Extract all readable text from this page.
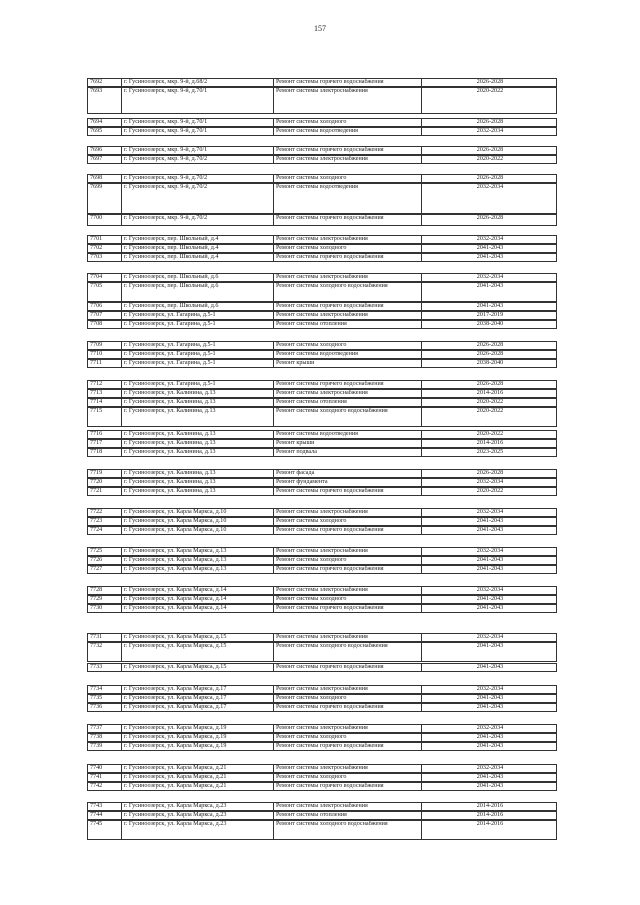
157
7692	г. Гусиноозерск, мкр. 9-й, д.68/2	Ремонт системы горячего водоснабжения	2026-2028
7693	г. Гусиноозерск, мкр. 9-й, д.70/1	Ремонт системы электроснабжения	2020-2022
7694	г. Гусиноозерск, мкр. 9-й, д.70/1	Ремонт системы холодного	2026-2028
7695	г. Гусиноозерск, мкр. 9-й, д.70/1	Ремонт системы водоотведения	2032-2034
7696	г. Гусиноозерск, мкр. 9-й, д.70/1	Ремонт системы горячего водоснабжения	2026-2028
7697	г. Гусиноозерск, мкр. 9-й, д.70/2	Ремонт системы электроснабжения	2020-2022
7698	г. Гусиноозерск, мкр. 9-й, д.70/2	Ремонт системы холодного	2026-2028
7699	г. Гусиноозерск, мкр. 9-й, д.70/2	Ремонт системы водоотведения	2032-2034
7700	г. Гусиноозерск, мкр. 9-й, д.70/2	Ремонт системы горячего водоснабжения	2026-2028
7701	г. Гусиноозерск, пер. Школьный, д.4	Ремонт системы электроснабжения	2032-2034
7702	г. Гусиноозерск, пер. Школьный, д.4	Ремонт системы холодного	2041-2043
7703	г. Гусиноозерск, пер. Школьный, д.4	Ремонт системы горячего водоснабжения	2041-2043
7704	г. Гусиноозерск, пер. Школьный, д.6	Ремонт системы электроснабжения	2032-2034
7705	г. Гусиноозерск, пер. Школьный, д.6	Ремонт системы холодного водоснабжения	2041-2043
7706	г. Гусиноозерск, пер. Школьный, д.6	Ремонт системы горячего водоснабжения	2041-2043
7707	г. Гусиноозерск, ул. Гагарина, д.5-1	Ремонт системы электроснабжения	2017-2019
7708	г. Гусиноозерск, ул. Гагарина, д.5-1	Ремонт системы отопления	2038-2040
7709	г. Гусиноозерск, ул. Гагарина, д.5-1	Ремонт системы холодного	2026-2028
7710	г. Гусиноозерск, ул. Гагарина, д.5-1	Ремонт системы водоотведения	2026-2028
7711	г. Гусиноозерск, ул. Гагарина, д.5-1	Ремонт крыши	2038-2040
7712	г. Гусиноозерск, ул. Гагарина, д.5-1	Ремонт системы горячего водоснабжения	2026-2028
7713	г. Гусиноозерск, ул. Калинина, д.13	Ремонт системы электроснабжения	2014-2016
7714	г. Гусиноозерск, ул. Калинина, д.13	Ремонт системы отопления	2020-2022
7715	г. Гусиноозерск, ул. Калинина, д.13	Ремонт системы холодного водоснабжения	2020-2022
7716	г. Гусиноозерск, ул. Калинина, д.13	Ремонт системы водоотведения	2020-2022
7717	г. Гусиноозерск, ул. Калинина, д.13	Ремонт крыши	2014-2016
7718	г. Гусиноозерск, ул. Калинина, д.13	Ремонт подвала	2023-2025
7719	г. Гусиноозерск, ул. Калинина, д.13	Ремонт фасада	2026-2028
7720	г. Гусиноозерск, ул. Калинина, д.13	Ремонт фундамента	2032-2034
7721	г. Гусиноозерск, ул. Калинина, д.13	Ремонт системы горячего водоснабжения	2020-2022
7722	г. Гусиноозерск, ул. Карла Маркса, д.10	Ремонт системы электроснабжения	2032-2034
7723	г. Гусиноозерск, ул. Карла Маркса, д.10	Ремонт системы холодного	2041-2043
7724	г. Гусиноозерск, ул. Карла Маркса, д.10	Ремонт системы горячего водоснабжения	2041-2043
7725	г. Гусиноозерск, ул. Карла Маркса, д.13	Ремонт системы электроснабжения	2032-2034
7726	г. Гусиноозерск, ул. Карла Маркса, д.13	Ремонт системы холодного	2041-2043
7727	г. Гусиноозерск, ул. Карла Маркса, д.13	Ремонт системы горячего водоснабжения	2041-2043
7728	г. Гусиноозерск, ул. Карла Маркса, д.14	Ремонт системы электроснабжения	2032-2034
7729	г. Гусиноозерск, ул. Карла Маркса, д.14	Ремонт системы холодного	2041-2043
7730	г. Гусиноозерск, ул. Карла Маркса, д.14	Ремонт системы горячего водоснабжения	2041-2043
7731	г. Гусиноозерск, ул. Карла Маркса, д.15	Ремонт системы электроснабжения	2032-2034
7732	г. Гусиноозерск, ул. Карла Маркса, д.15	Ремонт системы холодного водоснабжения	2041-2043
7733	г. Гусиноозерск, ул. Карла Маркса, д.15	Ремонт системы горячего водоснабжения	2041-2043
7734	г. Гусиноозерск, ул. Карла Маркса, д.17	Ремонт системы электроснабжения	2032-2034
7735	г. Гусиноозерск, ул. Карла Маркса, д.17	Ремонт системы холодного	2041-2043
7736	г. Гусиноозерск, ул. Карла Маркса, д.17	Ремонт системы горячего водоснабжения	2041-2043
7737	г. Гусиноозерск, ул. Карла Маркса, д.19	Ремонт системы электроснабжения	2032-2034
7738	г. Гусиноозерск, ул. Карла Маркса, д.19	Ремонт системы холодного	2041-2043
7739	г. Гусиноозерск, ул. Карла Маркса, д.19	Ремонт системы горячего водоснабжения	2041-2043
7740	г. Гусиноозерск, ул. Карла Маркса, д.21	Ремонт системы электроснабжения	2032-2034
7741	г. Гусиноозерск, ул. Карла Маркса, д.21	Ремонт системы холодного	2041-2043
7742	г. Гусиноозерск, ул. Карла Маркса, д.21	Ремонт системы горячего водоснабжения	2041-2043
7743	г. Гусиноозерск, ул. Карла Маркса, д.23	Ремонт системы электроснабжения	2014-2016
7744	г. Гусиноозерск, ул. Карла Маркса, д.23	Ремонт системы отопления	2014-2016
7745	г. Гусиноозерск, ул. Карла Маркса, д.23	Ремонт системы холодного водоснабжения	2014-2016
